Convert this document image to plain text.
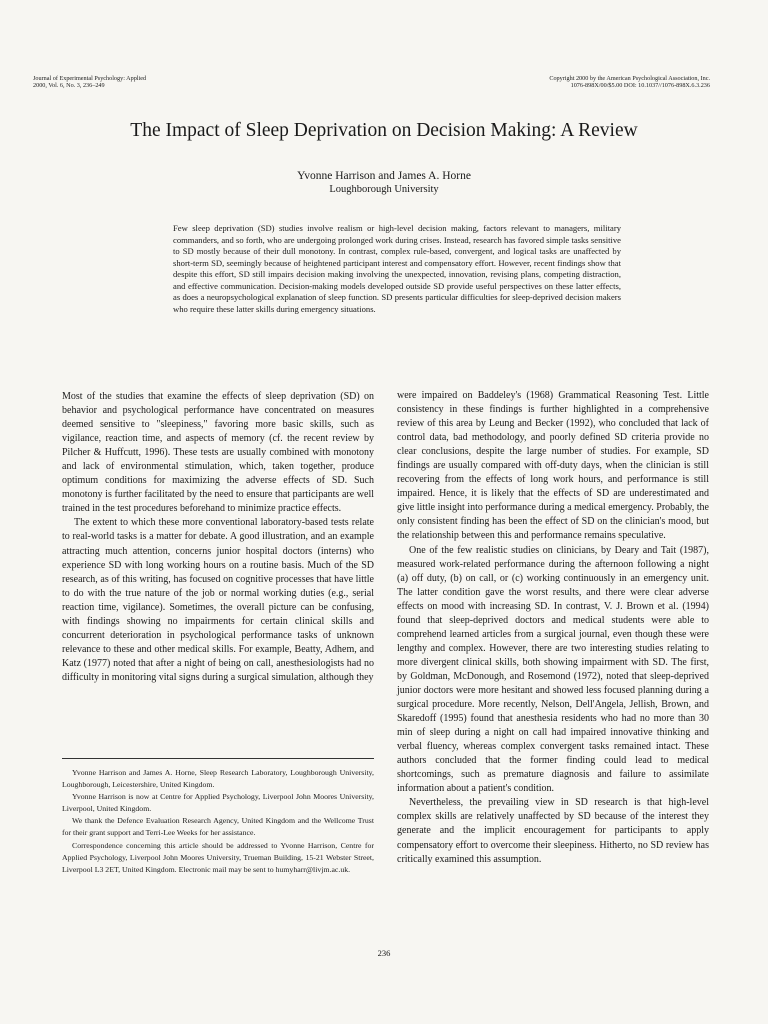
Journal of Experimental Psychology: Applied
2000, Vol. 6, No. 3, 236–249
Copyright 2000 by the American Psychological Association, Inc.
1076-898X/00/$5.00 DOI: 10.1037//1076-898X.6.3.236
The Impact of Sleep Deprivation on Decision Making: A Review
Yvonne Harrison and James A. Horne
Loughborough University
Few sleep deprivation (SD) studies involve realism or high-level decision making, factors relevant to managers, military commanders, and so forth, who are undergoing prolonged work during crises. Instead, research has favored simple tasks sensitive to SD mostly because of their dull monotony. In contrast, complex rule-based, convergent, and logical tasks are unaffected by short-term SD, seemingly because of heightened participant interest and compensatory effort. However, recent findings show that despite this effort, SD still impairs decision making involving the unexpected, innovation, revising plans, competing distraction, and effective communication. Decision-making models developed outside SD provide useful perspectives on these latter effects, as does a neuropsychological explanation of sleep function. SD presents particular difficulties for sleep-deprived decision makers who require these latter skills during emergency situations.

Most of the studies that examine the effects of sleep deprivation (SD) on behavior and psychological performance have concentrated on measures deemed sensitive to "sleepiness," favoring more basic skills, such as vigilance, reaction time, and aspects of memory (cf. the recent review by Pilcher & Huffcutt, 1996). These tests are usually combined with monotony and lack of environmental stimulation, which, taken together, produce optimum conditions for maximizing the adverse effects of SD. Such monotony is further facilitated by the need to ensure that participants are well trained in the test procedures beforehand to minimize practice effects.

The extent to which these more conventional laboratory-based tests relate to real-world tasks is a matter for debate. A good illustration, and an example attracting much attention, concerns junior hospital doctors (interns) who experience SD with long working hours on a routine basis. Much of the SD research, as of this writing, has focused on cognitive processes that have little to do with the true nature of the job or normal working duties (e.g., serial reaction time, vigilance). Sometimes, the overall picture can be confusing, with findings showing no impairments for certain clinical skills and concurrent deterioration in psychological performance tasks of unknown relevance to these and other medical skills. For example, Beatty, Adhem, and Katz (1977) noted that after a night of being on call, anesthesiologists had no difficulty in monitoring vital signs during a surgical simulation, although they

were impaired on Baddeley's (1968) Grammatical Reasoning Test. Little consistency in these findings is further highlighted in a comprehensive review of this area by Leung and Becker (1992), who concluded that lack of control data, bad methodology, and poorly defined SD criteria provide no clear conclusions, despite the large number of studies. For example, SD findings are usually compared with off-duty days, when the clinician is still recovering from the effects of long work hours, and performance is still impaired. Hence, it is likely that the effects of SD are underestimated and give little insight into performance during a medical emergency. Probably, the only consistent finding has been the effect of SD on the clinician's mood, but the relationship between this and performance remains speculative.

One of the few realistic studies on clinicians, by Deary and Tait (1987), measured work-related performance during the afternoon following a night (a) off duty, (b) on call, or (c) working continuously in an emergency unit. The latter condition gave the worst results, and there were clear adverse effects on mood with increasing SD. In contrast, V. J. Brown et al. (1994) found that sleep-deprived doctors and medical students were able to comprehend learned articles from a surgical journal, even though these were lengthy and complex. However, there are two interesting studies relating to more divergent clinical skills, both showing impairment with SD. The first, by Goldman, McDonough, and Rosemond (1972), noted that sleep-deprived junior doctors were more hesitant and showed less focused planning during a surgical procedure. More recently, Nelson, Dell'Angela, Jellish, Brown, and Skaredoff (1995) found that anesthesia residents who had no more than 30 min of sleep during a night on call had impaired innovative thinking and verbal fluency, whereas complex convergent tasks remained intact. These authors concluded that the former finding could lead to medical shortcomings, such as premature diagnosis and failure to assimilate information about a patient's condition.

Nevertheless, the prevailing view in SD research is that high-level complex skills are relatively unaffected by SD because of the interest they generate and the implicit encouragement for participants to apply compensatory effort to overcome their sleepiness. Hitherto, no SD review has critically examined this assumption.

Yvonne Harrison and James A. Horne, Sleep Research Laboratory, Loughborough University, Loughborough, Leicestershire, United Kingdom.

Yvonne Harrison is now at Centre for Applied Psychology, Liverpool John Moores University, Liverpool, United Kingdom.

We thank the Defence Evaluation Research Agency, United Kingdom and the Wellcome Trust for their grant support and Terri-Lee Weeks for her assistance.

Correspondence concerning this article should be addressed to Yvonne Harrison, Centre for Applied Psychology, Liverpool John Moores University, Trueman Building, 15-21 Webster Street, Liverpool L3 2ET, United Kingdom. Electronic mail may be sent to humyharr@livjm.ac.uk.

236
